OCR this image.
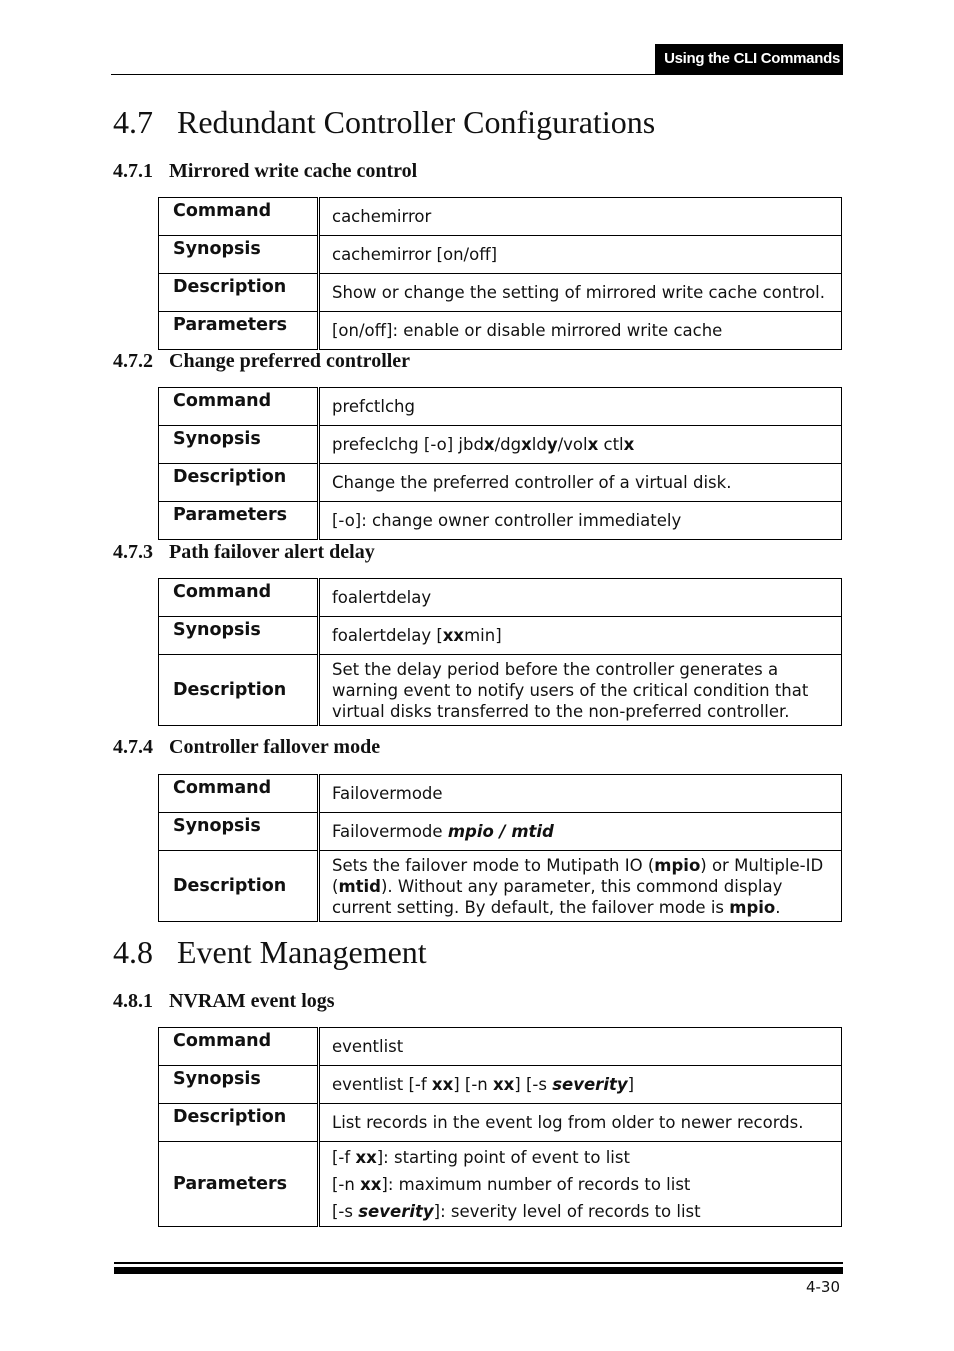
Using the CLI Commands
4.7 Redundant Controller Configurations
4.7.1 Mirrored write cache control
Command	cachemirror
Synopsis	cachemirror [on/off]
Description	Show or change the setting of mirrored write cache control.
Parameters	[on/off]: enable or disable mirrored write cache
4.7.2 Change preferred controller
Command	prefctlchg
Synopsis	prefeclchg [-o] jbdx/dgxldy/volx ctlx
Description	Change the preferred controller of a virtual disk.
Parameters	[-o]: change owner controller immediately
4.7.3 Path failover alert delay
Command	foalertdelay
Synopsis	foalertdelay [xxmin]
Description	Set the delay period before the controller generates a warning event to notify users of the critical condition that virtual disks transferred to the non-preferred controller.
4.7.4 Controller fallover mode
Command	Failovermode
Synopsis	Failovermode mpio / mtid
Description	Sets the failover mode to Mutipath IO (mpio) or Multiple-ID (mtid). Without any parameter, this commond display current setting. By default, the failover mode is mpio.
4.8 Event Management
4.8.1 NVRAM event logs
Command	eventlist
Synopsis	eventlist [-f xx] [-n xx] [-s severity]
Description	List records in the event log from older to newer records.
Parameters	[-f xx]: starting point of event to list
[-n xx]: maximum number of records to list
[-s severity]: severity level of records to list
4-30
